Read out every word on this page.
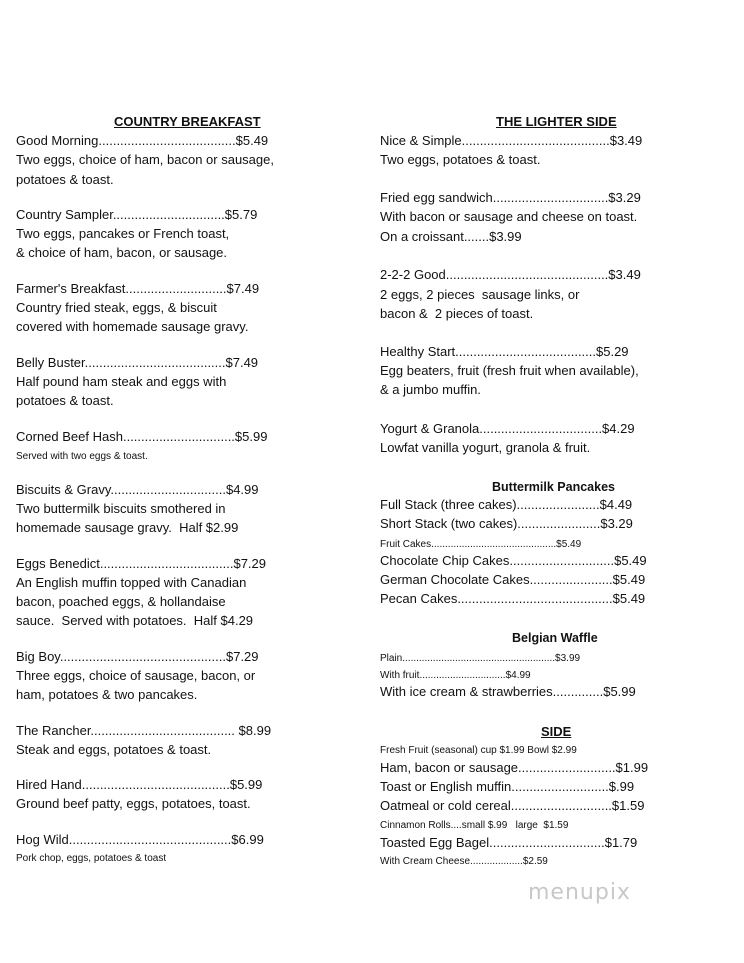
COUNTRY BREAKFAST
Good Morning......................................$5.49
Two eggs, choice of ham, bacon or sausage,
potatoes & toast.
Country Sampler...............................$5.79
Two eggs, pancakes or French toast,
& choice of ham, bacon, or sausage.
Farmer's Breakfast............................$7.49
Country fried steak, eggs, & biscuit
covered with homemade sausage gravy.
Belly Buster.......................................$7.49
Half pound ham steak and eggs with
potatoes & toast.
Corned Beef Hash...............................$5.99
Served with two eggs & toast.
Biscuits & Gravy................................$4.99
Two buttermilk biscuits smothered in
homemade sausage gravy.  Half $2.99
Eggs Benedict.....................................$7.29
An English muffin topped with Canadian
bacon, poached eggs, & hollandaise
sauce.  Served with potatoes.  Half $4.29
Big Boy..............................................$7.29
Three eggs, choice of sausage, bacon, or
ham, potatoes & two pancakes.
The Rancher........................................ $8.99
Steak and eggs, potatoes & toast.
Hired Hand.........................................$5.99
Ground beef patty, eggs, potatoes, toast.
Hog Wild.............................................$6.99
Pork chop, eggs, potatoes & toast
THE LIGHTER SIDE
Nice & Simple.........................................$3.49
Two eggs, potatoes & toast.
Fried egg sandwich................................$3.29
With bacon or sausage and cheese on toast.
On a croissant.......$3.99
2-2-2 Good.............................................$3.49
2 eggs, 2 pieces  sausage links, or
bacon &  2 pieces of toast.
Healthy Start.......................................$5.29
Egg beaters, fruit (fresh fruit when available),
& a jumbo muffin.
Yogurt & Granola..................................$4.29
Lowfat vanilla yogurt, granola & fruit.
Buttermilk Pancakes
Full Stack (three cakes).......................$4.49
Short Stack (two cakes).......................$3.29
Fruit Cakes.............................................$5.49
Chocolate Chip Cakes.............................$5.49
German Chocolate Cakes.......................$5.49
Pecan Cakes...........................................$5.49
Belgian Waffle
Plain.......................................................$3.99
With fruit...............................$4.99
With ice cream & strawberries..............$5.99
SIDE
Fresh Fruit (seasonal) cup $1.99 Bowl $2.99
Ham, bacon or sausage...........................$1.99
Toast or English muffin...........................$.99
Oatmeal or cold cereal............................$1.59
Cinnamon Rolls....small $.99   large  $1.59
Toasted Egg Bagel................................$1.79
With Cream Cheese...................$2.59
menupix
